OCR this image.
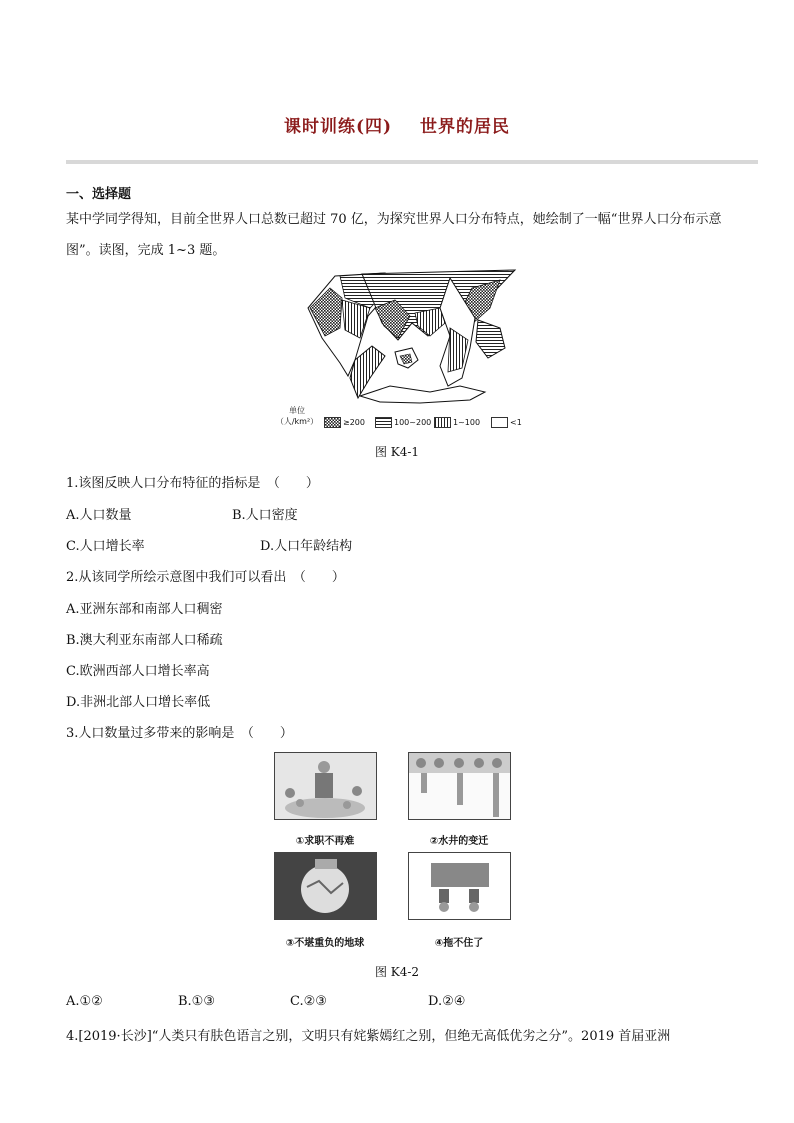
课时训练(四) 世界的居民
一、选择题
某中学同学得知，目前全世界人口总数已超过 70 亿，为探究世界人口分布特点，她绘制了一幅“世界人口分布示意图”。读图，完成 1~3 题。
单位（人/km²）	≥200	100~200	1~100	<1
图 K4-1
1.该图反映人口分布特征的指标是　（　　）
A.人口数量	B.人口密度
C.人口增长率	D.人口年龄结构
2.从该同学所绘示意图中我们可以看出　（　　）
A.亚洲东部和南部人口稠密
B.澳大利亚东南部人口稀疏
C.欧洲西部人口增长率高
D.非洲北部人口增长率低
3.人口数量过多带来的影响是　（　　）
①求职不再难	②水井的变迁
③不堪重负的地球	④拖不住了
图 K4-2
A.①②	B.①③	C.②③	D.②④
4.[2019·长沙]“人类只有肤色语言之别，文明只有姹紫嫣红之别，但绝无高低优劣之分”。2019 首届亚洲
